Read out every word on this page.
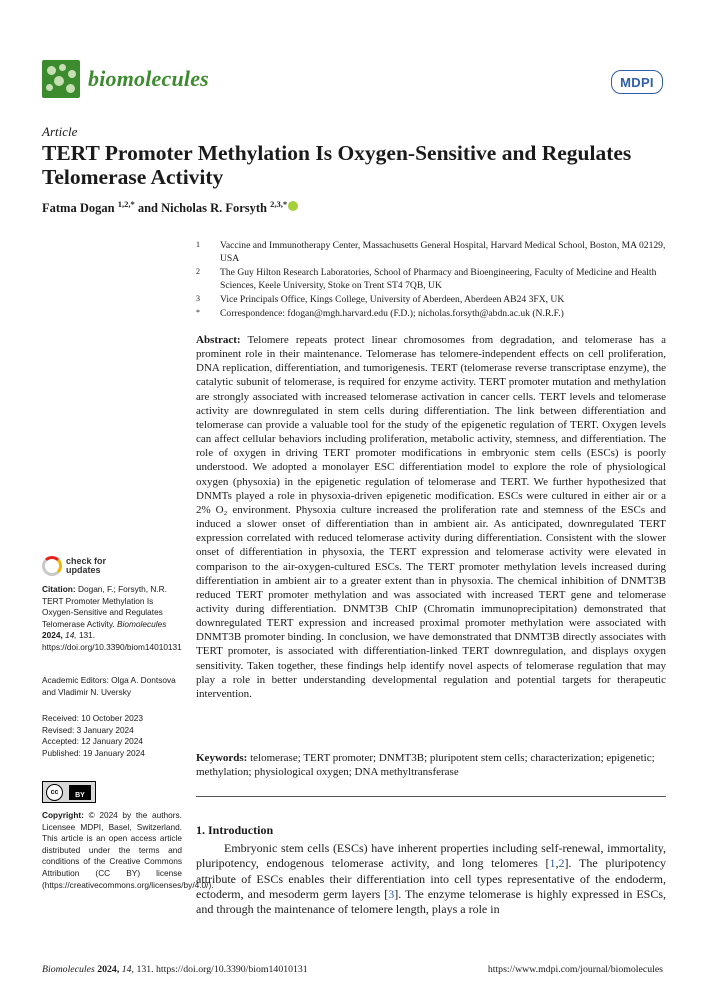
biomolecules	MDPI
Article
TERT Promoter Methylation Is Oxygen-Sensitive and Regulates Telomerase Activity
Fatma Dogan $^{1,2,*}$ and Nicholas R. Forsyth $^{2,3,*}$
1 Vaccine and Immunotherapy Center, Massachusetts General Hospital, Harvard Medical School, Boston, MA 02129, USA
2 The Guy Hilton Research Laboratories, School of Pharmacy and Bioengineering, Faculty of Medicine and Health Sciences, Keele University, Stoke on Trent ST4 7QB, UK
3 Vice Principals Office, Kings College, University of Aberdeen, Aberdeen AB24 3FX, UK
* Correspondence: fdogan@mgh.harvard.edu (F.D.); nicholas.forsyth@abdn.ac.uk (N.R.F.)
Abstract: Telomere repeats protect linear chromosomes from degradation, and telomerase has a prominent role in their maintenance. Telomerase has telomere-independent effects on cell proliferation, DNA replication, differentiation, and tumorigenesis. TERT (telomerase reverse transcriptase enzyme), the catalytic subunit of telomerase, is required for enzyme activity. TERT promoter mutation and methylation are strongly associated with increased telomerase activation in cancer cells. TERT levels and telomerase activity are downregulated in stem cells during differentiation. The link between differentiation and telomerase can provide a valuable tool for the study of the epigenetic regulation of TERT. Oxygen levels can affect cellular behaviors including proliferation, metabolic activity, stemness, and differentiation. The role of oxygen in driving TERT promoter modifications in embryonic stem cells (ESCs) is poorly understood. We adopted a monolayer ESC differentiation model to explore the role of physiological oxygen (physoxia) in the epigenetic regulation of telomerase and TERT. We further hypothesized that DNMTs played a role in physoxia-driven epigenetic modification. ESCs were cultured in either air or a 2% O₂ environment. Physoxia culture increased the proliferation rate and stemness of the ESCs and induced a slower onset of differentiation than in ambient air. As anticipated, downregulated TERT expression correlated with reduced telomerase activity during differentiation. Consistent with the slower onset of differentiation in physoxia, the TERT expression and telomerase activity were elevated in comparison to the air-oxygen-cultured ESCs. The TERT promoter methylation levels increased during differentiation in ambient air to a greater extent than in physoxia. The chemical inhibition of DNMT3B reduced TERT promoter methylation and was associated with increased TERT gene and telomerase activity during differentiation. DNMT3B ChIP (Chromatin immunoprecipitation) demonstrated that downregulated TERT expression and increased proximal promoter methylation were associated with DNMT3B promoter binding. In conclusion, we have demonstrated that DNMT3B directly associates with TERT promoter, is associated with differentiation-linked TERT downregulation, and displays oxygen sensitivity. Taken together, these findings help identify novel aspects of telomerase regulation that may play a role in better understanding developmental regulation and potential targets for therapeutic intervention.
Keywords: telomerase; TERT promoter; DNMT3B; pluripotent stem cells; characterization; epigenetic; methylation; physiological oxygen; DNA methyltransferase
1. Introduction

Embryonic stem cells (ESCs) have inherent properties including self-renewal, immortality, pluripotency, endogenous telomerase activity, and long telomeres [1,2]. The pluripotency attribute of ESCs enables their differentiation into cell types representative of the endoderm, ectoderm, and mesoderm germ layers [3]. The enzyme telomerase is highly expressed in ESCs, and through the maintenance of telomere length, plays a role in

check for
updates
Citation: Dogan, F.; Forsyth, N.R. TERT Promoter Methylation Is Oxygen-Sensitive and Regulates Telomerase Activity. Biomolecules 2024, 14, 131. https://doi.org/10.3390/biom14010131
Academic Editors: Olga A. Dontsova and Vladimir N. Uversky
Received: 10 October 2023
Revised: 3 January 2024
Accepted: 12 January 2024
Published: 19 January 2024
cc	BY
Copyright: © 2024 by the authors. Licensee MDPI, Basel, Switzerland. This article is an open access article distributed under the terms and conditions of the Creative Commons Attribution (CC BY) license (https://creativecommons.org/licenses/by/4.0/).
Biomolecules 2024, 14, 131. https://doi.org/10.3390/biom14010131	https://www.mdpi.com/journal/biomolecules
